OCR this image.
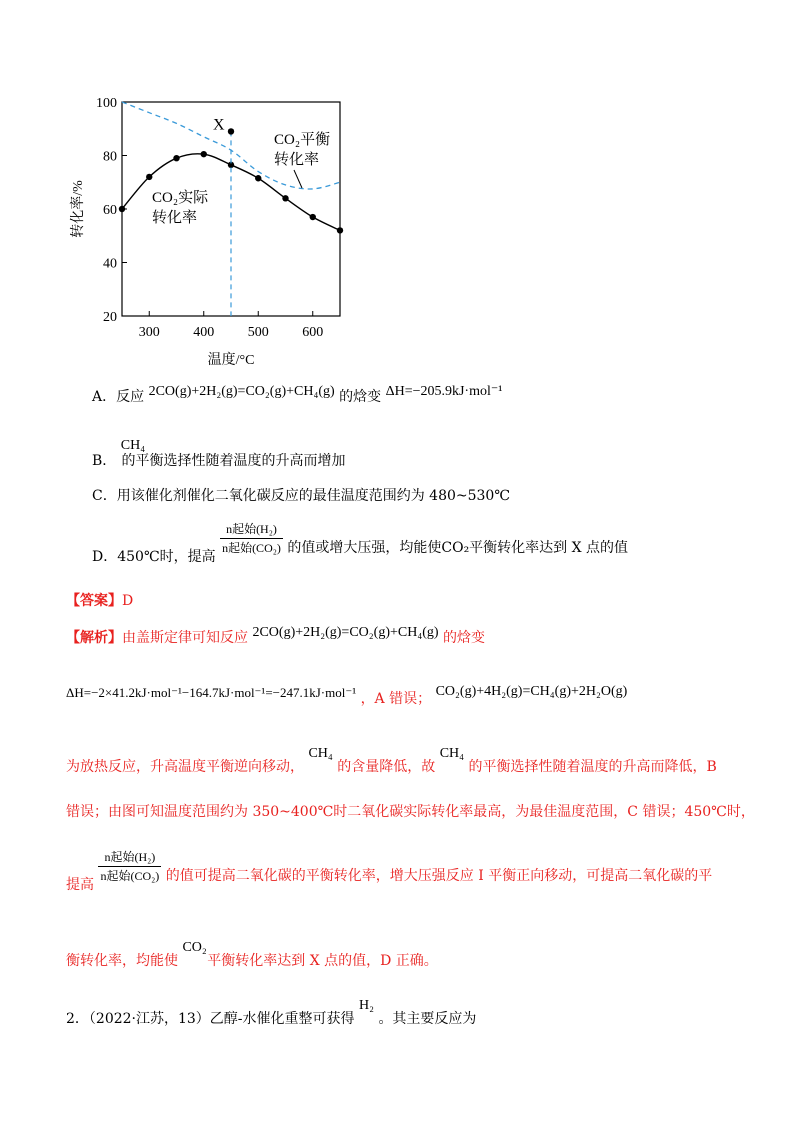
300 400 500 600
20
40
60
80
100
温度/°C
转化率/%
X
CO₂平衡
转化率
CO₂实际
转化率
A．反应 2CO(g)+2H₂(g)=CO₂(g)+CH₄(g) 的焓变 ΔH=−205.9kJ·mol⁻¹
B． CH₄ 的平衡选择性随着温度的升高而增加
C．用该催化剂催化二氧化碳反应的最佳温度范围约为 480~530℃
D．450℃时，提高 $\frac{\text{n起始(H₂)}}{\text{n起始(CO₂)}}$ 的值或增大压强，均能使CO₂平衡转化率达到 X 点的值
【答案】D
【解析】由盖斯定律可知反应 2CO(g)+2H₂(g)=CO₂(g)+CH₄(g) 的焓变
ΔH=−2×41.2kJ·mol⁻¹−164.7kJ·mol⁻¹=−247.1kJ·mol⁻¹ ，A 错误； CO₂(g)+4H₂(g)=CH₄(g)+2H₂O(g)
为放热反应，升高温度平衡逆向移动， CH₄ 的含量降低，故 CH₄ 的平衡选择性随着温度的升高而降低，B
错误；由图可知温度范围约为 350~400℃时二氧化碳实际转化率最高，为最佳温度范围，C 错误；450℃时，
提高 $\frac{\text{n起始(H₂)}}{\text{n起始(CO₂)}}$ 的值可提高二氧化碳的平衡转化率，增大压强反应 I 平衡正向移动，可提高二氧化碳的平
衡转化率，均能使 CO₂ 平衡转化率达到 X 点的值，D 正确。
2．（2022·江苏，13）乙醇-水催化重整可获得 H₂ 。其主要反应为
